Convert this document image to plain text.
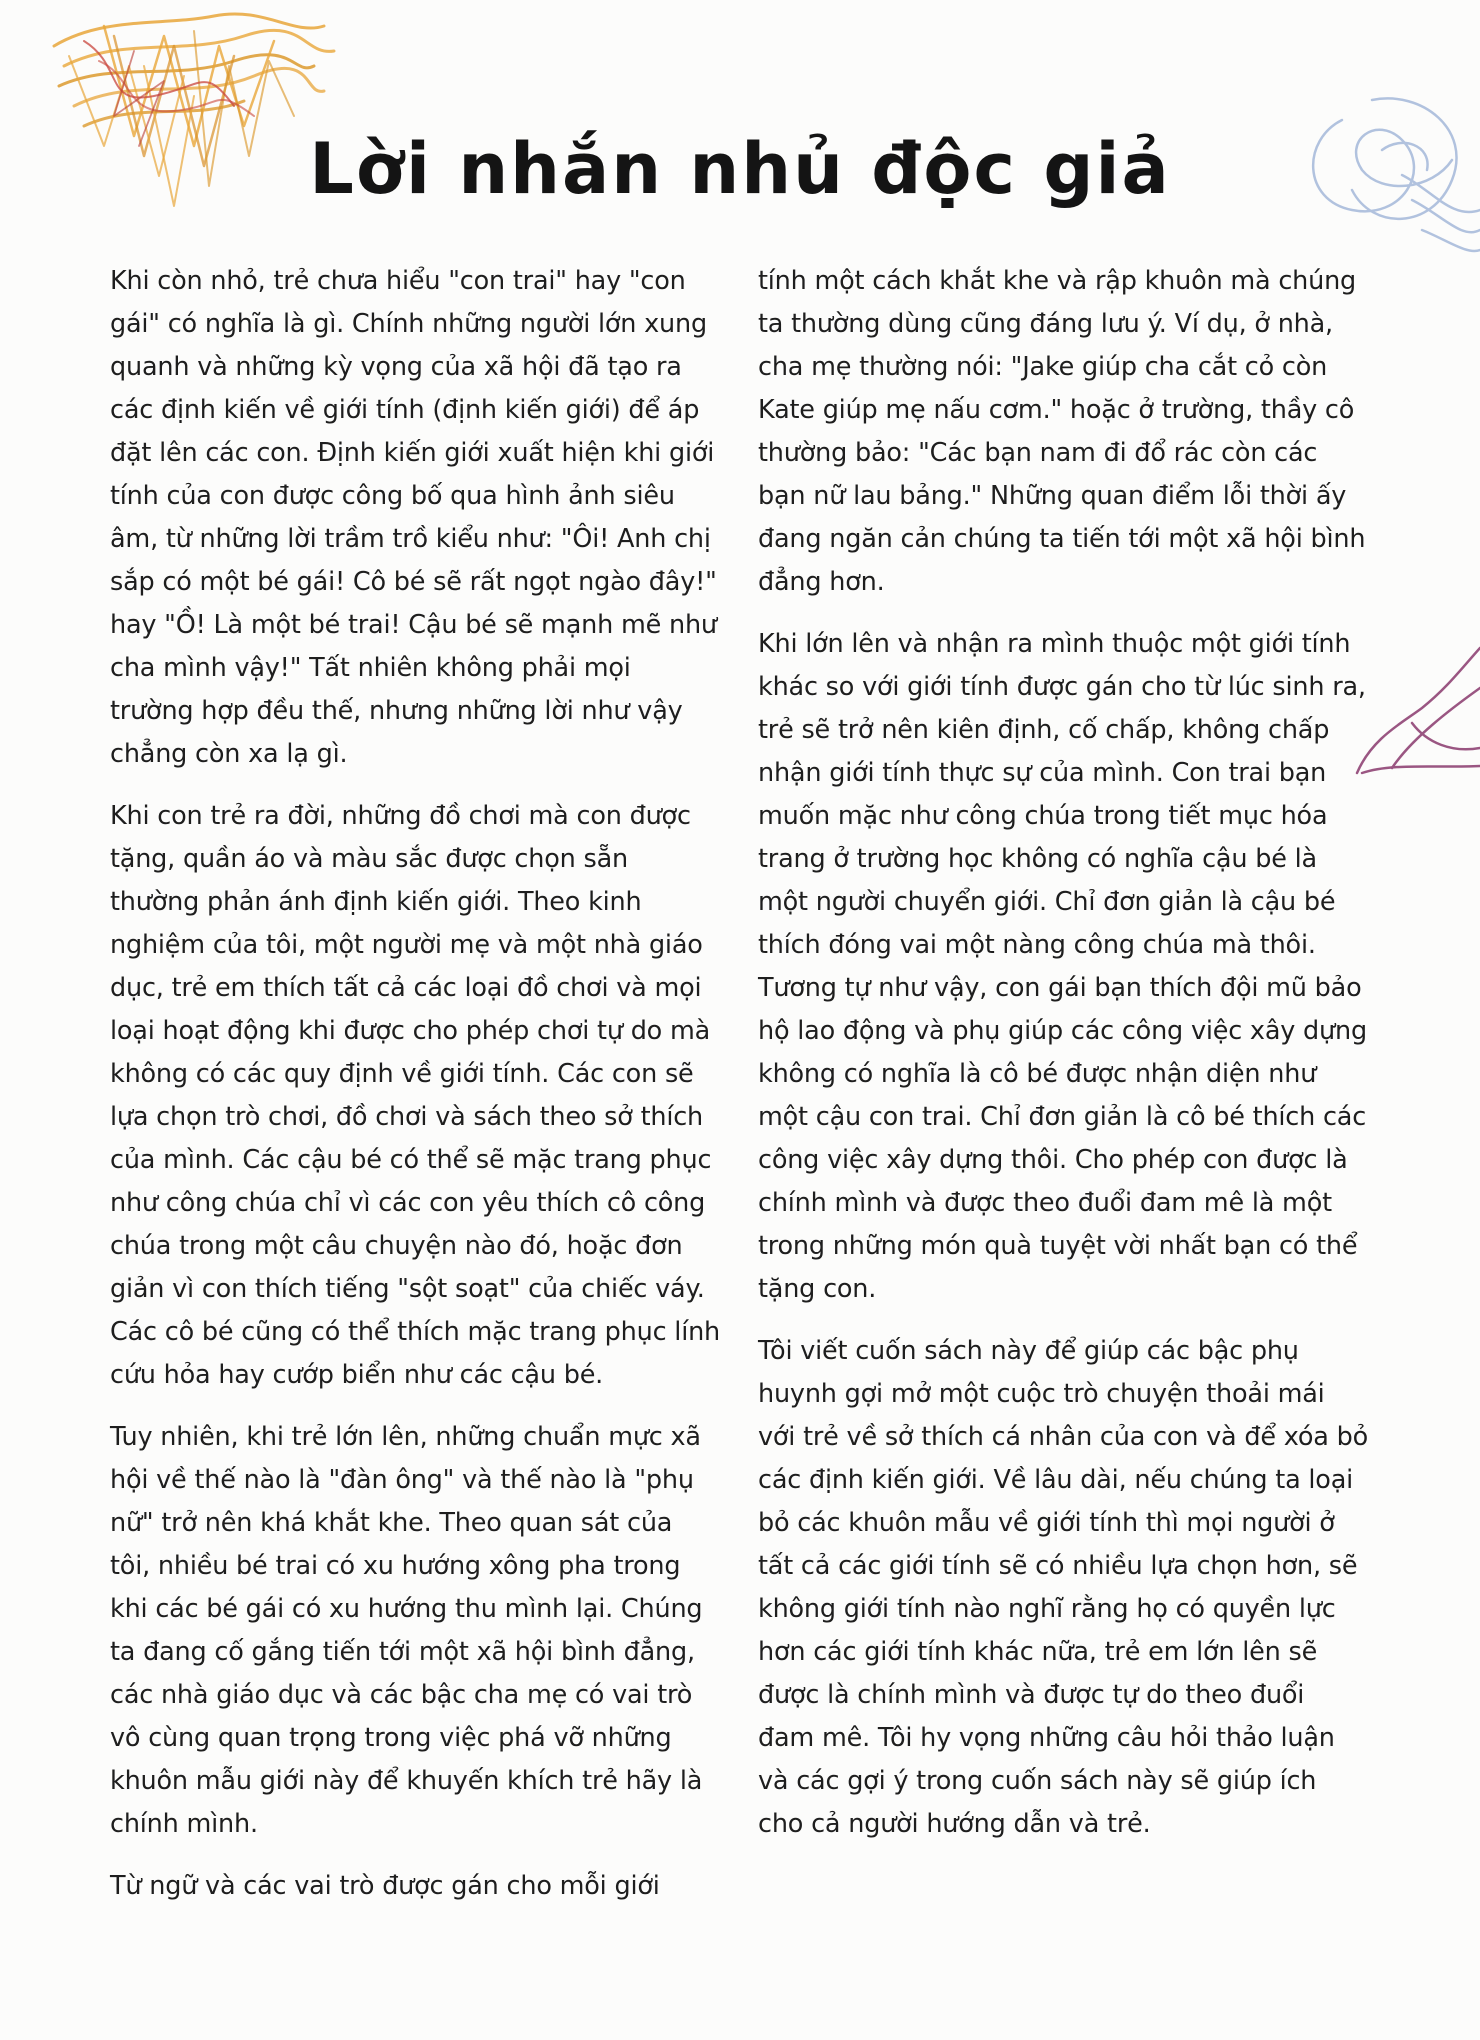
Lời nhắn nhủ độc giả

Khi còn nhỏ, trẻ chưa hiểu "con trai" hay "con gái" có nghĩa là gì. Chính những người lớn xung quanh và những kỳ vọng của xã hội đã tạo ra các định kiến về giới tính (định kiến giới) để áp đặt lên các con. Định kiến giới xuất hiện khi giới tính của con được công bố qua hình ảnh siêu âm, từ những lời trầm trồ kiểu như: "Ôi! Anh chị sắp có một bé gái! Cô bé sẽ rất ngọt ngào đây!" hay "Ồ! Là một bé trai! Cậu bé sẽ mạnh mẽ như cha mình vậy!" Tất nhiên không phải mọi trường hợp đều thế, nhưng những lời như vậy chẳng còn xa lạ gì.

Khi con trẻ ra đời, những đồ chơi mà con được tặng, quần áo và màu sắc được chọn sẵn thường phản ánh định kiến giới. Theo kinh nghiệm của tôi, một người mẹ và một nhà giáo dục, trẻ em thích tất cả các loại đồ chơi và mọi loại hoạt động khi được cho phép chơi tự do mà không có các quy định về giới tính. Các con sẽ lựa chọn trò chơi, đồ chơi và sách theo sở thích của mình. Các cậu bé có thể sẽ mặc trang phục như công chúa chỉ vì các con yêu thích cô công chúa trong một câu chuyện nào đó, hoặc đơn giản vì con thích tiếng "sột soạt" của chiếc váy. Các cô bé cũng có thể thích mặc trang phục lính cứu hỏa hay cướp biển như các cậu bé.

Tuy nhiên, khi trẻ lớn lên, những chuẩn mực xã hội về thế nào là "đàn ông" và thế nào là "phụ nữ" trở nên khá khắt khe. Theo quan sát của tôi, nhiều bé trai có xu hướng xông pha trong khi các bé gái có xu hướng thu mình lại. Chúng ta đang cố gắng tiến tới một xã hội bình đẳng, các nhà giáo dục và các bậc cha mẹ có vai trò vô cùng quan trọng trong việc phá vỡ những khuôn mẫu giới này để khuyến khích trẻ hãy là chính mình.

Từ ngữ và các vai trò được gán cho mỗi giới

tính một cách khắt khe và rập khuôn mà chúng ta thường dùng cũng đáng lưu ý. Ví dụ, ở nhà, cha mẹ thường nói: "Jake giúp cha cắt cỏ còn Kate giúp mẹ nấu cơm." hoặc ở trường, thầy cô thường bảo: "Các bạn nam đi đổ rác còn các bạn nữ lau bảng." Những quan điểm lỗi thời ấy đang ngăn cản chúng ta tiến tới một xã hội bình đẳng hơn.

Khi lớn lên và nhận ra mình thuộc một giới tính khác so với giới tính được gán cho từ lúc sinh ra, trẻ sẽ trở nên kiên định, cố chấp, không chấp nhận giới tính thực sự của mình. Con trai bạn muốn mặc như công chúa trong tiết mục hóa trang ở trường học không có nghĩa cậu bé là một người chuyển giới. Chỉ đơn giản là cậu bé thích đóng vai một nàng công chúa mà thôi. Tương tự như vậy, con gái bạn thích đội mũ bảo hộ lao động và phụ giúp các công việc xây dựng không có nghĩa là cô bé được nhận diện như một cậu con trai. Chỉ đơn giản là cô bé thích các công việc xây dựng thôi. Cho phép con được là chính mình và được theo đuổi đam mê là một trong những món quà tuyệt vời nhất bạn có thể tặng con.

Tôi viết cuốn sách này để giúp các bậc phụ huynh gợi mở một cuộc trò chuyện thoải mái với trẻ về sở thích cá nhân của con và để xóa bỏ các định kiến giới. Về lâu dài, nếu chúng ta loại bỏ các khuôn mẫu về giới tính thì mọi người ở tất cả các giới tính sẽ có nhiều lựa chọn hơn, sẽ không giới tính nào nghĩ rằng họ có quyền lực hơn các giới tính khác nữa, trẻ em lớn lên sẽ được là chính mình và được tự do theo đuổi đam mê. Tôi hy vọng những câu hỏi thảo luận và các gợi ý trong cuốn sách này sẽ giúp ích cho cả người hướng dẫn và trẻ.
